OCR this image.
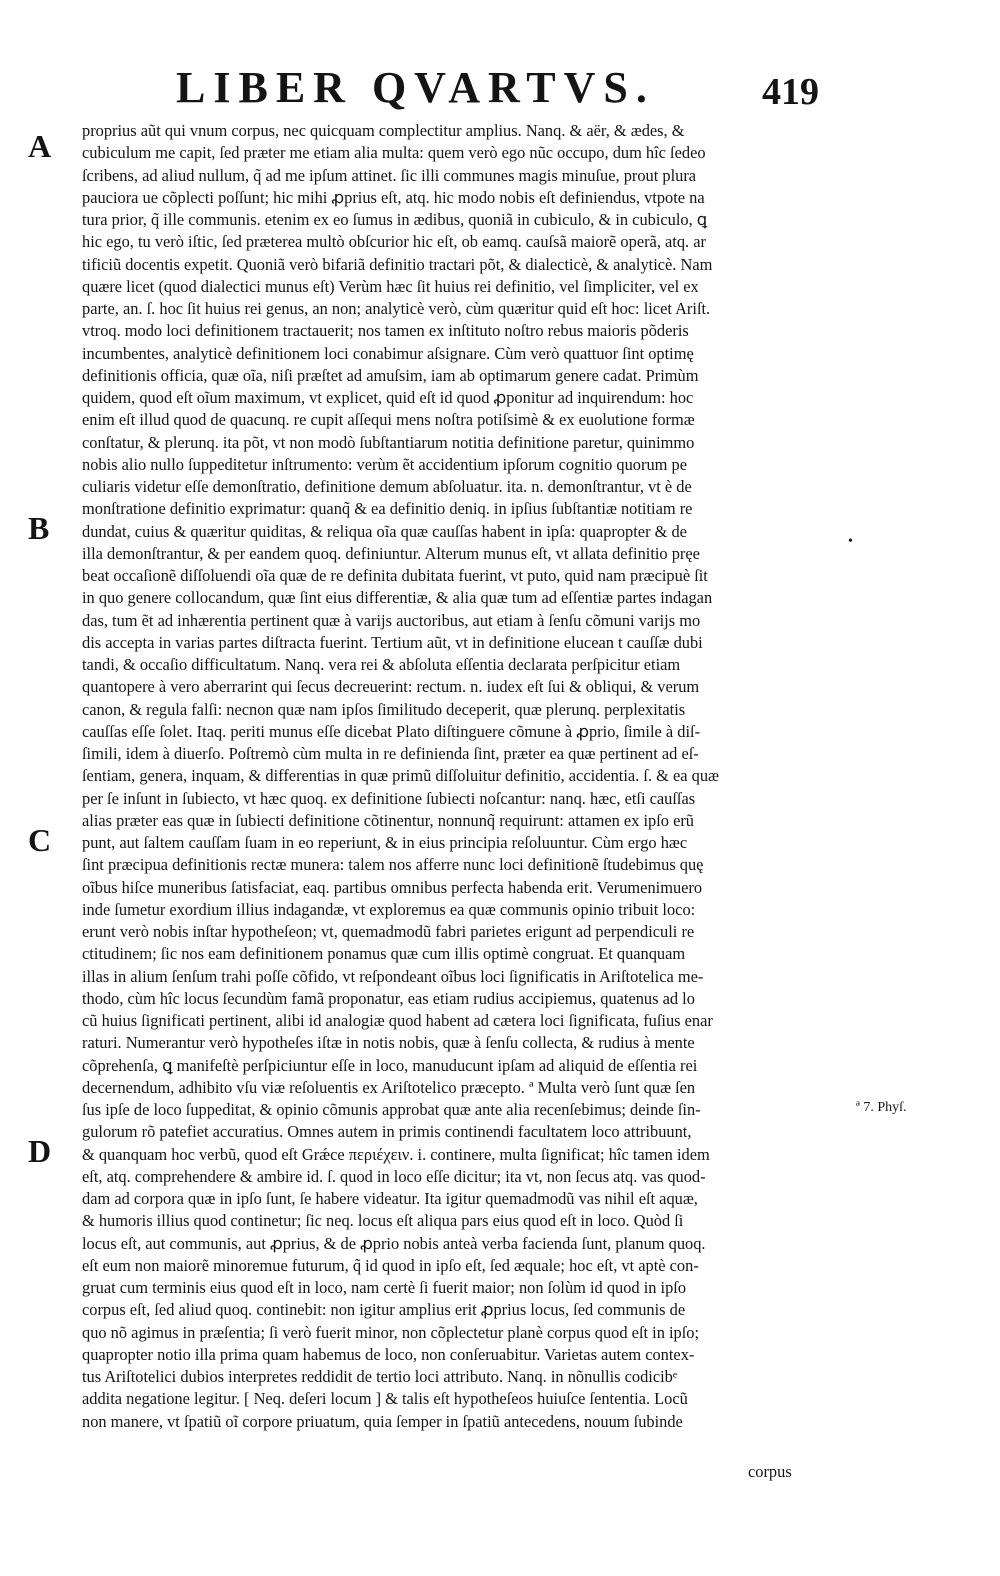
LIBER QVARTVS.	419
A
B
C
D
•
ª 7. Phyſ.
proprius aũt qui vnum corpus, nec quicquam complectitur amplius. Nanq. & aër, & ædes, &
cubiculum me capit, ſed præter me etiam alia multa: quem verò ego nũc occupo, dum hîc ſedeo
ſcribens, ad aliud nullum, q̃ ad me ipſum attinet. ſic illi communes magis minuſue, prout plura
pauciora ue cõplecti poſſunt; hic mihi ꝓprius eſt, atq. hic modo nobis eſt definiendus, vtpote na
tura prior, q̃ ille communis. etenim ex eo ſumus in ædibus, quoniã in cubiculo, & in cubiculo, ꝗ
hic ego, tu verò iſtic, ſed præterea multò obſcurior hic eſt, ob eamq. cauſsã maiorẽ operã, atq. ar
tificiũ docentis expetit. Quoniã verò bifariã definitio tractari põt, & dialecticè, & analyticè. Nam
quære licet (quod dialectici munus eſt) Verùm hæc ſit huius rei definitio, vel ſimpliciter, vel ex
parte, an. ſ. hoc ſit huius rei genus, an non; analyticè verò, cùm quæritur quid eſt hoc: licet Ariſt.
vtroq. modo loci definitionem tractauerit; nos tamen ex inſtituto noſtro rebus maioris põderis
incumbentes, analyticè definitionem loci conabimur aſsignare. Cùm verò quattuor ſint optimę
definitionis officia, quæ oĩa, niſi præſtet ad amuſsim, iam ab optimarum genere cadat. Primùm
quidem, quod eſt oĩum maximum, vt explicet, quid eſt id quod ꝓponitur ad inquirendum: hoc
enim eſt illud quod de quacunq. re cupit aſſequi mens noſtra potiſsimè & ex euolutione formæ
conſtatur, & plerunq. ita põt, vt non modò ſubſtantiarum notitia definitione paretur, quinimmo
nobis alio nullo ſuppeditetur inſtrumento: verùm ẽt accidentium ipſorum cognitio quorum pe
culiaris videtur eſſe demonſtratio, definitione demum abſoluatur. ita. n. demonſtrantur, vt è de
monſtratione definitio exprimatur: quanq̃ & ea definitio deniq. in ipſius ſubſtantiæ notitiam re
dundat, cuius & quæritur quiditas, & reliqua oĩa quæ cauſſas habent in ipſa: quapropter & de
illa demonſtrantur, & per eandem quoq. definiuntur. Alterum munus eſt, vt allata definitio pręe
beat occaſionẽ diſſoluendi oĩa quæ de re definita dubitata fuerint, vt puto, quid nam præcipuè ſit
in quo genere collocandum, quæ ſint eius differentiæ, & alia quæ tum ad eſſentiæ partes indagan
das, tum ẽt ad inhærentia pertinent quæ à varijs auctoribus, aut etiam à ſenſu cõmuni varijs mo
dis accepta in varias partes diſtracta fuerint. Tertium aũt, vt in definitione elucean t cauſſæ dubi
tandi, & occaſio difficultatum. Nanq. vera rei & abſoluta eſſentia declarata perſpicitur etiam
quantopere à vero aberrarint qui ſecus decreuerint: rectum. n. iudex eſt ſui & obliqui, & verum
canon, & regula falſi: necnon quæ nam ipſos ſimilitudo deceperit, quæ plerunq. perplexitatis
cauſſas eſſe ſolet. Itaq. periti munus eſſe dicebat Plato diſtinguere cõmune à ꝓprio, ſimile à diſ-
ſimili, idem à diuerſo. Poſtremò cùm multa in re definienda ſint, præter ea quæ pertinent ad eſ-
ſentiam, genera, inquam, & differentias in quæ primũ diſſoluitur definitio, accidentia. ſ. & ea quæ
per ſe inſunt in ſubiecto, vt hæc quoq. ex definitione ſubiecti noſcantur: nanq. hæc, etſi cauſſas
alias præter eas quæ in ſubiecti definitione cõtinentur, nonnunq̃ requirunt: attamen ex ipſo erũ
punt, aut ſaltem cauſſam ſuam in eo reperiunt, & in eius principia reſoluuntur. Cùm ergo hæc
ſint præcipua definitionis rectæ munera: talem nos afferre nunc loci definitionẽ ſtudebimus quę
oĩbus hiſce muneribus ſatisfaciat, eaq. partibus omnibus perfecta habenda erit. Verumenimuero
inde ſumetur exordium illius indagandæ, vt exploremus ea quæ communis opinio tribuit loco:
erunt verò nobis inſtar hypotheſeon; vt, quemadmodũ fabri parietes erigunt ad perpendiculi re
ctitudinem; ſic nos eam definitionem ponamus quæ cum illis optimè congruat. Et quanquam
illas in alium ſenſum trahi poſſe cõfido, vt reſpondeant oĩbus loci ſignificatis in Ariſtotelica me-
thodo, cùm hîc locus ſecundùm famã proponatur, eas etiam rudius accipiemus, quatenus ad lo
cũ huius ſignificati pertinent, alibi id analogiæ quod habent ad cætera loci ſignificata, fuſius enar
raturi. Numerantur verò hypotheſes iſtæ in notis nobis, quæ à ſenſu collecta, & rudius à mente
cõprehenſa, ꝗ manifeſtè perſpiciuntur eſſe in loco, manuducunt ipſam ad aliquid de eſſentia rei
decernendum, adhibito vſu viæ reſoluentis ex Ariſtotelico præcepto. ª Multa verò ſunt quæ ſen
ſus ipſe de loco ſuppeditat, & opinio cõmunis approbat quæ ante alia recenſebimus; deinde ſin-
gulorum rõ patefiet accuratius. Omnes autem in primis continendi facultatem loco attribuunt,
& quanquam hoc verbũ, quod eſt Grǽce περιέχειν. i. continere, multa ſignificat; hîc tamen idem
eſt, atq. comprehendere & ambire id. ſ. quod in loco eſſe dicitur; ita vt, non ſecus atq. vas quod-
dam ad corpora quæ in ipſo ſunt, ſe habere videatur. Ita igitur quemadmodũ vas nihil eſt aquæ,
& humoris illius quod continetur; ſic neq. locus eſt aliqua pars eius quod eſt in loco. Quòd ſi
locus eſt, aut communis, aut ꝓprius, & de ꝓprio nobis anteà verba facienda ſunt, planum quoq.
eſt eum non maiorẽ minoremue futurum, q̃ id quod in ipſo eſt, ſed æquale; hoc eſt, vt aptè con-
gruat cum terminis eius quod eſt in loco, nam certè ſi fuerit maior; non ſolùm id quod in ipſo
corpus eſt, ſed aliud quoq. continebit: non igitur amplius erit ꝓprius locus, ſed communis de
quo nõ agimus in præſentia; ſi verò fuerit minor, non cõplectetur planè corpus quod eſt in ipſo;
quapropter notio illa prima quam habemus de loco, non conſeruabitur. Varietas autem contex-
tus Ariſtotelici dubios interpretes reddidit de tertio loci attributo. Nanq. in nõnullis codicibᵉ
addita negatione legitur. [ Neq. deſeri locum ] & talis eſt hypotheſeos huiuſce ſententia. Locũ
non manere, vt ſpatiũ oĩ corpore priuatum, quia ſemper in ſpatiũ antecedens, nouum ſubinde
corpus
